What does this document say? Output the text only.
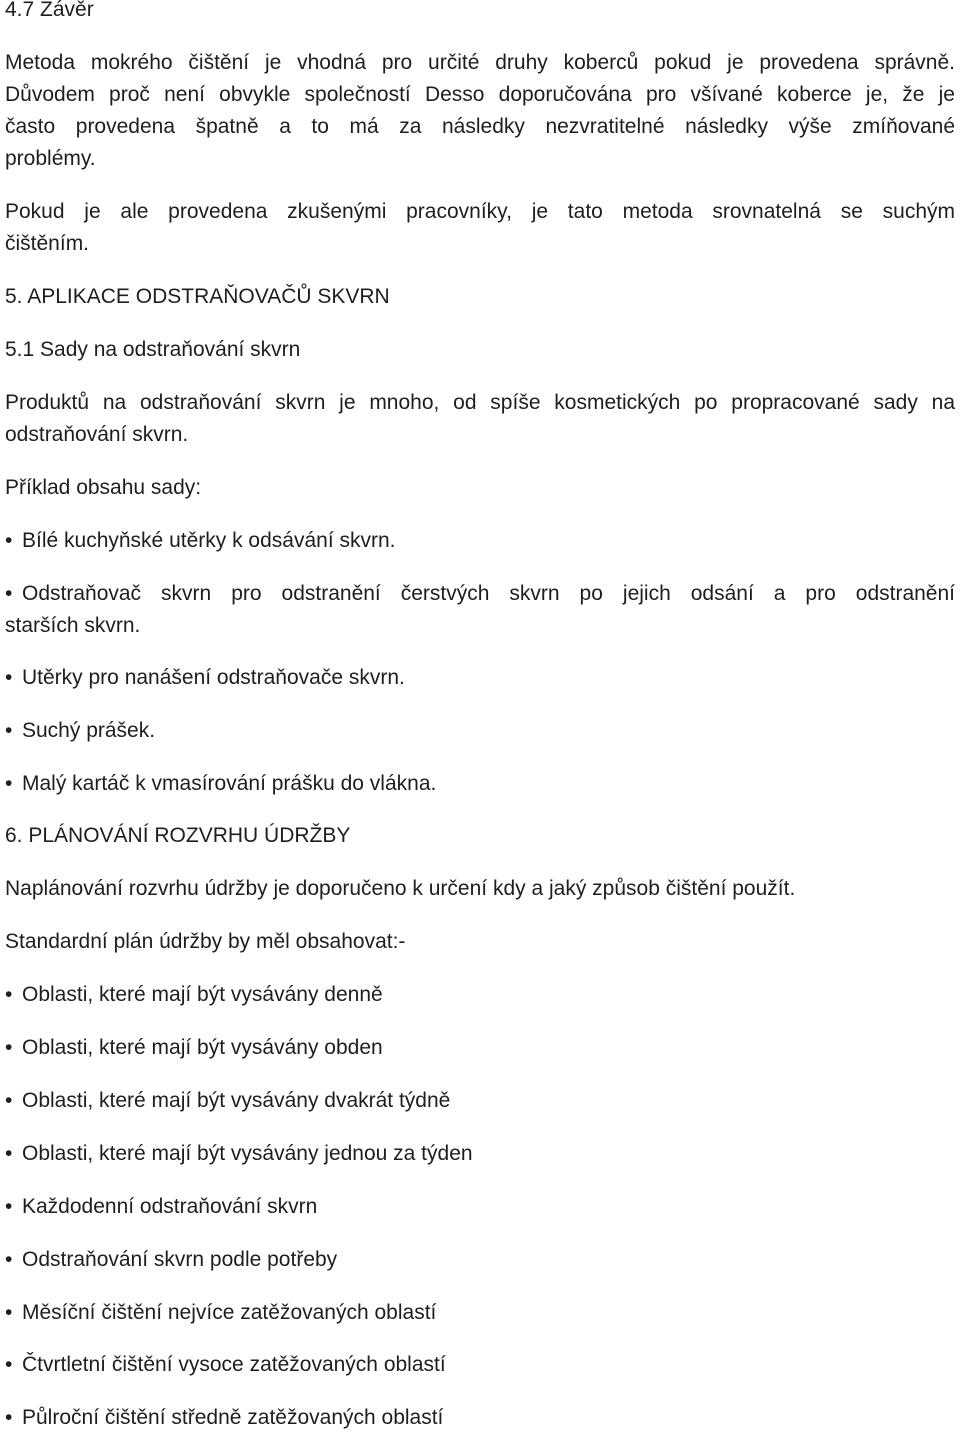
4.7 Závěr
Metoda mokrého čištění je vhodná pro určité druhy koberců pokud je provedena správně.
Důvodem proč není obvykle společností Desso doporučována pro všívané koberce je, že je
často provedena špatně a to má za následky nezvratitelné následky výše zmíňované
problémy.
Pokud je ale provedena zkušenými pracovníky, je tato metoda srovnatelná se suchým
čištěním.
5. APLIKACE ODSTRAŇOVAČŮ SKVRN
5.1 Sady na odstraňování skvrn
Produktů na odstraňování skvrn je mnoho, od spíše kosmetických po propracované sady na
odstraňování skvrn.
Příklad obsahu sady:
• Bílé kuchyňské utěrky k odsávání skvrn.
• Odstraňovač skvrn pro odstranění čerstvých skvrn po jejich odsání a pro odstranění
starších skvrn.
• Utěrky pro nanášení odstraňovače skvrn.
• Suchý prášek.
• Malý kartáč k vmasírování prášku do vlákna.
6. PLÁNOVÁNÍ ROZVRHU ÚDRŽBY
Naplánování rozvrhu údržby je doporučeno k určení kdy a jaký způsob čištění použít.
Standardní plán údržby by měl obsahovat:-
• Oblasti, které mají být vysávány denně
• Oblasti, které mají být vysávány obden
• Oblasti, které mají být vysávány dvakrát týdně
• Oblasti, které mají být vysávány jednou za týden
• Každodenní odstraňování skvrn
• Odstraňování skvrn podle potřeby
• Měsíční čištění nejvíce zatěžovaných oblastí
• Čtvrtletní čištění vysoce zatěžovaných oblastí
• Půlroční čištění středně zatěžovaných oblastí
